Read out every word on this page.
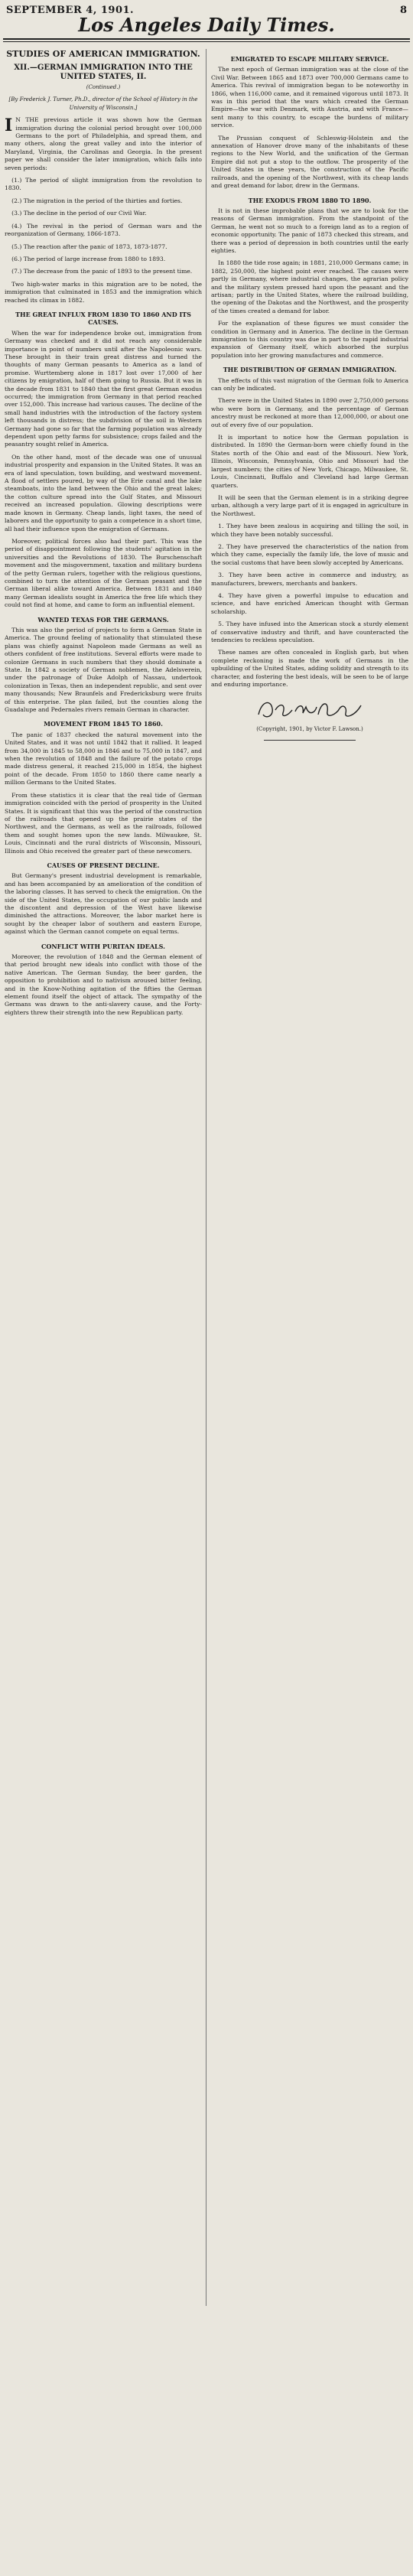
SEPTEMBER 4, 1901.
Los Angeles Daily Times.
8
STUDIES OF AMERICAN IMMIGRATION.
XII.—GERMAN IMMIGRATION INTO THE UNITED STATES, II.
(Continued.)
[By Frederick J. Turner, Ph.D., director of the School of History in the University of Wisconsin.]

I N THE previous article it was shown how the German immigration during the colonial period brought over 100,000 Germans to the port of Philadelphia, and spread them, and many others, along the great valley and into the interior of Maryland, Virginia, the Carolinas and Georgia. In the present paper we shall consider the later immigration, which falls into seven periods:

(1.) The period of slight immigration from the revolution to 1830.

(2.) The migration in the period of the thirties and forties.

(3.) The decline in the period of our Civil War.

(4.) The revival in the period of German wars and the reorganization of Germany, 1866-1873.

(5.) The reaction after the panic of 1873, 1873-1877.

(6.) The period of large increase from 1880 to 1893.

(7.) The decrease from the panic of 1893 to the present time.

Two high-water marks in this migration are to be noted, the immigration that culminated in 1853 and the immigration which reached its climax in 1882.

THE GREAT INFLUX FROM 1830 TO 1860 AND ITS CAUSES.

When the war for independence broke out, immigration from Germany was checked and it did not reach any considerable importance in point of numbers until after the Napoleonic wars. These brought in their train great distress and turned the thoughts of many German peasants to America as a land of promise. Wurttemberg alone in 1817 lost over 17,000 of her citizens by emigration, half of them going to Russia. But it was in the decade from 1831 to 1840 that the first great German exodus occurred; the immigration from Germany in that period reached over 152,000. This increase had various causes. The decline of the small hand industries with the introduction of the factory system left thousands in distress; the subdivision of the soil in Western Germany had gone so far that the farming population was already dependent upon petty farms for subsistence; crops failed and the peasantry sought relief in America.

On the other hand, most of the decade was one of unusual industrial prosperity and expansion in the United States. It was an era of land speculation, town building, and westward movement. A flood of settlers poured, by way of the Erie canal and the lake steamboats, into the land between the Ohio and the great lakes; the cotton culture spread into the Gulf States, and Missouri received an increased population. Glowing descriptions were made known in Germany. Cheap lands, light taxes, the need of laborers and the opportunity to gain a competence in a short time, all had their influence upon the emigration of Germans.

Moreover, political forces also had their part. This was the period of disappointment following the students' agitation in the universities and the Revolutions of 1830. The Burschenschaft movement and the misgovernment, taxation and military burdens of the petty German rulers, together with the religious questions, combined to turn the attention of the German peasant and the German liberal alike toward America. Between 1831 and 1840 many German idealists sought in America the free life which they could not find at home, and came to form an influential element.

WANTED TEXAS FOR THE GERMANS.

This was also the period of projects to form a German State in America. The ground feeling of nationality that stimulated these plans was chiefly against Napoleon made Germans as well as others confident of free institutions. Several efforts were made to colonize Germans in such numbers that they should dominate a State. In 1842 a society of German noblemen, the Adelsverein, under the patronage of Duke Adolph of Nassau, undertook colonization in Texas, then an independent republic, and sent over many thousands; New Braunfels and Fredericksburg were fruits of this enterprise. The plan failed, but the counties along the Guadalupe and Pedernales rivers remain German in character.

MOVEMENT FROM 1845 TO 1860.

The panic of 1837 checked the natural movement into the United States, and it was not until 1842 that it rallied. It leaped from 34,000 in 1845 to 58,000 in 1846 and to 75,000 in 1847, and when the revolution of 1848 and the failure of the potato crops made distress general, it reached 215,000 in 1854, the highest point of the decade. From 1850 to 1860 there came nearly a million Germans to the United States.

From these statistics it is clear that the real tide of German immigration coincided with the period of prosperity in the United States. It is significant that this was the period of the construction of the railroads that opened up the prairie states of the Northwest, and the Germans, as well as the railroads, followed them and sought homes upon the new lands. Milwaukee, St. Louis, Cincinnati and the rural districts of Wisconsin, Missouri, Illinois and Ohio received the greater part of these newcomers.

CAUSES OF PRESENT DECLINE.

But Germany's present industrial development is remarkable, and has been accompanied by an amelioration of the condition of the laboring classes. It has served to check the emigration. On the side of the United States, the occupation of our public lands and the discontent and depression of the West have likewise diminished the attractions. Moreover, the labor market here is sought by the cheaper labor of southern and eastern Europe, against which the German cannot compete on equal terms.

CONFLICT WITH PURITAN IDEALS.

Moreover, the revolution of 1848 and the German element of that period brought new ideals into conflict with those of the native American. The German Sunday, the beer garden, the opposition to prohibition and to nativism aroused bitter feeling, and in the Know-Nothing agitation of the fifties the German element found itself the object of attack. The sympathy of the Germans was drawn to the anti-slavery cause, and the Forty-eighters threw their strength into the new Republican party.

EMIGRATED TO ESCAPE MILITARY SERVICE.

The next epoch of German immigration was at the close of the Civil War. Between 1865 and 1873 over 700,000 Germans came to America. This revival of immigration began to be noteworthy in 1866, when 116,000 came, and it remained vigorous until 1873. It was in this period that the wars which created the German Empire—the war with Denmark, with Austria, and with France—sent many to this country, to escape the burdens of military service.

The Prussian conquest of Schleswig-Holstein and the annexation of Hanover drove many of the inhabitants of these regions to the New World, and the unification of the German Empire did not put a stop to the outflow. The prosperity of the United States in these years, the construction of the Pacific railroads, and the opening of the Northwest, with its cheap lands and great demand for labor, drew in the Germans.

THE EXODUS FROM 1880 TO 1890.

It is not in these improbable plans that we are to look for the reasons of German immigration. From the standpoint of the German, he went not so much to a foreign land as to a region of economic opportunity. The panic of 1873 checked this stream, and there was a period of depression in both countries until the early eighties.

In 1880 the tide rose again; in 1881, 210,000 Germans came; in 1882, 250,000, the highest point ever reached. The causes were partly in Germany, where industrial changes, the agrarian policy and the military system pressed hard upon the peasant and the artisan; partly in the United States, where the railroad building, the opening of the Dakotas and the Northwest, and the prosperity of the times created a demand for labor.

For the explanation of these figures we must consider the condition in Germany and in America. The decline in the German immigration to this country was due in part to the rapid industrial expansion of Germany itself, which absorbed the surplus population into her growing manufactures and commerce.

THE DISTRIBUTION OF GERMAN IMMIGRATION.

The effects of this vast migration of the German folk to America can only be indicated.

There were in the United States in 1890 over 2,750,000 persons who were born in Germany, and the percentage of German ancestry must be reckoned at more than 12,000,000, or about one out of every five of our population.

It is important to notice how the German population is distributed. In 1890 the German-born were chiefly found in the States north of the Ohio and east of the Missouri. New York, Illinois, Wisconsin, Pennsylvania, Ohio and Missouri had the largest numbers; the cities of New York, Chicago, Milwaukee, St. Louis, Cincinnati, Buffalo and Cleveland had large German quarters.

It will be seen that the German element is in a striking degree urban, although a very large part of it is engaged in agriculture in the Northwest.

1. They have been zealous in acquiring and tilling the soil, in which they have been notably successful.

2. They have preserved the characteristics of the nation from which they came, especially the family life, the love of music and the social customs that have been slowly accepted by Americans.

3. They have been active in commerce and industry, as manufacturers, brewers, merchants and bankers.

4. They have given a powerful impulse to education and science, and have enriched American thought with German scholarship.

5. They have infused into the American stock a sturdy element of conservative industry and thrift, and have counteracted the tendencies to reckless speculation.

These names are often concealed in English garb, but when complete reckoning is made the work of Germans in the upbuilding of the United States, adding solidity and strength to its character, and fostering the best ideals, will be seen to be of large and enduring importance.

(Copyright, 1901, by Victor F. Lawson.)
